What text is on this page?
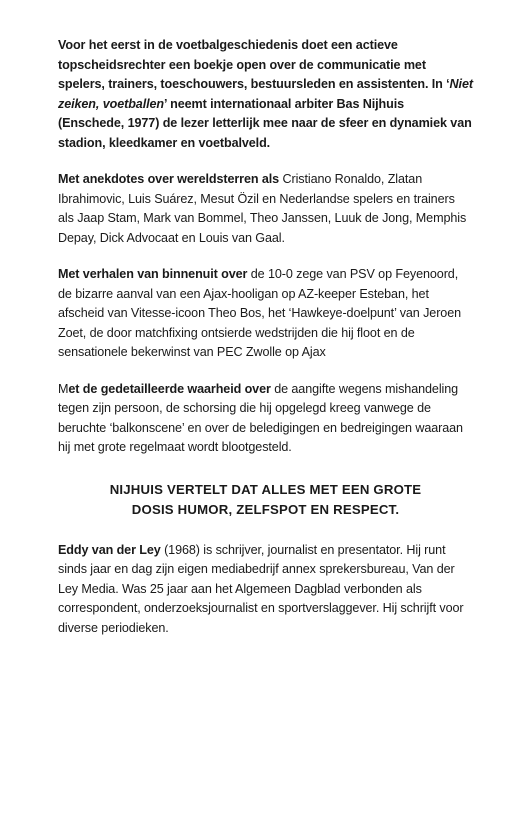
Voor het eerst in de voetbalgeschiedenis doet een actieve topscheidsrechter een boekje open over de communicatie met spelers, trainers, toeschouwers, bestuursleden en assistenten. In ‘Niet zeiken, voetballen’ neemt internationaal arbiter Bas Nijhuis (Enschede, 1977) de lezer letterlijk mee naar de sfeer en dynamiek van stadion, kleedkamer en voetbalveld.

Met anekdotes over wereldsterren als Cristiano Ronaldo, Zlatan Ibrahimovic, Luis Suárez, Mesut Özil en Nederlandse spelers en trainers als Jaap Stam, Mark van Bommel, Theo Janssen, Luuk de Jong, Memphis Depay, Dick Advocaat en Louis van Gaal.

Met verhalen van binnenuit over de 10-0 zege van PSV op Feyenoord, de bizarre aanval van een Ajax-hooligan op AZ-keeper Esteban, het afscheid van Vitesse-icoon Theo Bos, het ‘Hawkeye-doelpunt’ van Jeroen Zoet, de door matchfixing ontsierde wedstrijden die hij floot en de sensationele bekerwinst van PEC Zwolle op Ajax

Met de gedetailleerde waarheid over de aangifte wegens mishandeling tegen zijn persoon, de schorsing die hij opgelegd kreeg vanwege de beruchte ‘balkonscene’ en over de beledigingen en bedreigingen waaraan hij met grote regelmaat wordt blootgesteld.

NIJHUIS VERTELT DAT ALLES MET EEN GROTE
DOSIS HUMOR, ZELFSPOT EN RESPECT.

Eddy van der Ley (1968) is schrijver, journalist en presentator. Hij runt sinds jaar en dag zijn eigen mediabedrijf annex sprekersbureau, Van der Ley Media. Was 25 jaar aan het Algemeen Dagblad verbonden als correspondent, onderzoeksjournalist en sportverslaggever. Hij schrijft voor diverse periodieken.
